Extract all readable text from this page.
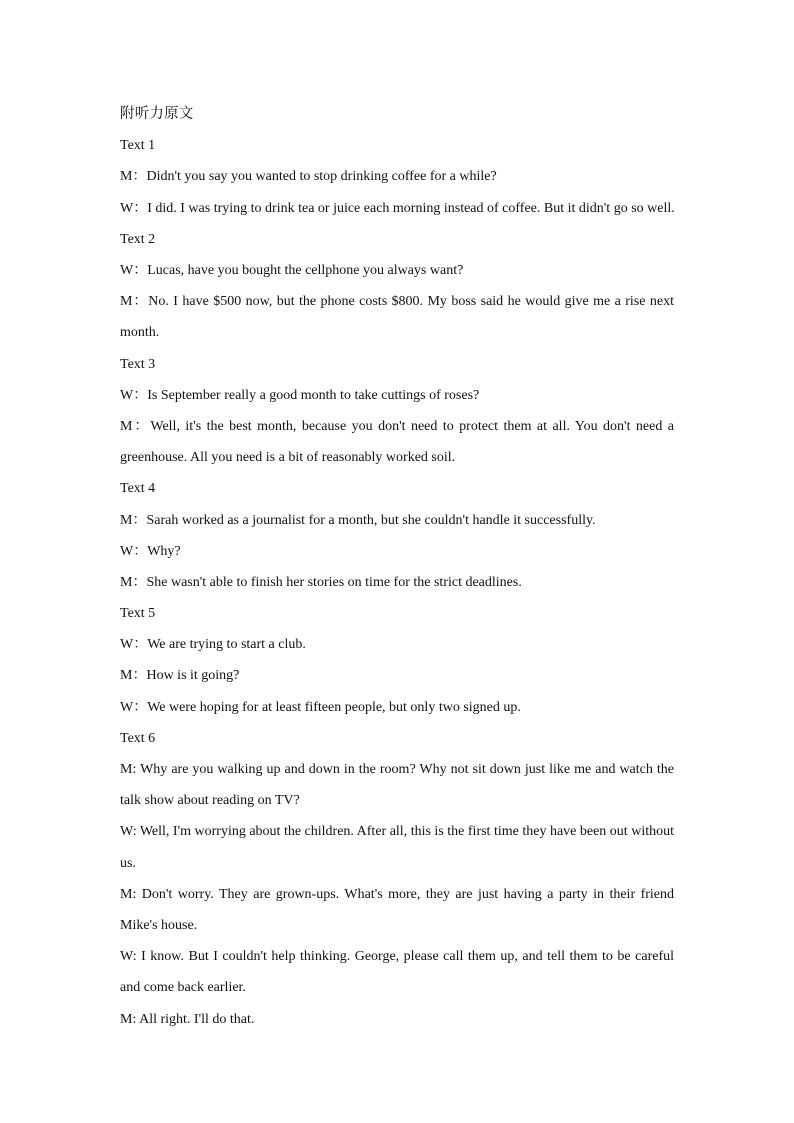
附听力原文
Text 1
M：Didn't you say you wanted to stop drinking coffee for a while?
W：I did. I was trying to drink tea or juice each morning instead of coffee. But it didn't go so well.
Text 2
W：Lucas, have you bought the cellphone you always want?
M：No. I have $500 now, but the phone costs $800. My boss said he would give me a rise next month.
Text 3
W：Is September really a good month to take cuttings of roses?
M：Well, it's the best month, because you don't need to protect them at all. You don't need a greenhouse. All you need is a bit of reasonably worked soil.
Text 4
M：Sarah worked as a journalist for a month, but she couldn't handle it successfully.
W：Why?
M：She wasn't able to finish her stories on time for the strict deadlines.
Text 5
W：We are trying to start a club.
M：How is it going?
W：We were hoping for at least fifteen people, but only two signed up.
Text 6
M: Why are you walking up and down in the room? Why not sit down just like me and watch the talk show about reading on TV?
W: Well, I'm worrying about the children. After all, this is the first time they have been out without us.
M: Don't worry. They are grown-ups. What's more, they are just having a party in their friend Mike's house.
W: I know. But I couldn't help thinking. George, please call them up, and tell them to be careful and come back earlier.
M: All right. I'll do that.
